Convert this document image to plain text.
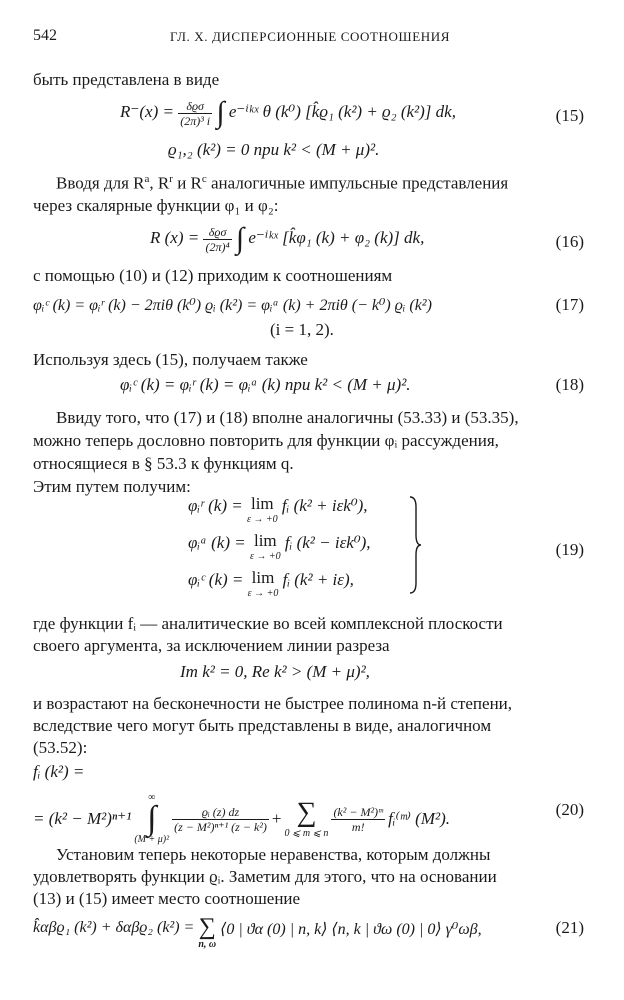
542	ГЛ. X. ДИСПЕРСИОННЫЕ СООТНОШЕНИЯ
быть представлена в виде
$R^-(x) = \frac{\text{δϱσ}}{\text{(2π)³ i}}$ ∫ e⁻ⁱᵏˣ θ (k⁰) [k̂ϱ₁ (k²) + ϱ₂ (k²)] dk,	(15)
ϱ₁,₂ (k²) = 0 при k² < (M + μ)².
Вводя для $R^a$, $R^r$ и $R^c$ аналогичные импульсные представления
через скалярные функции φ₁ и φ₂:
R $(x) = \frac{\text{δϱσ}}{\text{(2π)⁴}}$ ∫ e⁻ⁱᵏˣ [k̂φ₁ (k) + φ₂ (k)] dk,	(16)
с помощью (10) и (12) приходим к соотношениям
φᵢᶜ (k) = φᵢʳ (k) − 2πiθ (k⁰) ϱᵢ (k²) = φᵢᵃ (k) + 2πiθ (− k⁰) ϱᵢ (k²)	(17)
(i = 1, 2).
Используя здесь (15), получаем также
φᵢᶜ (k) = φᵢʳ (k) = φᵢᵃ (k) при k² < (M + μ)².	(18)
Ввиду того, что (17) и (18) вполне аналогичны (53.33) и (53.35),
можно теперь дословно повторить для функции φᵢ рассуждения,
относящиеся в § 53.3 к функциям q.
Этим путем получим:
φᵢʳ (k) = lim
ε → +0
fᵢ (k² + iεk⁰),
φᵢᵃ (k) = lim
ε → +0
fᵢ (k² − iεk⁰),
φᵢᶜ (k) = lim
ε → +0
fᵢ (k² + iε),
(19)
где функции fᵢ — аналитические во всей комплексной плоскости
своего аргумента, за исключением линии разреза
Im k² = 0, Re k² > (M + μ)²,
и возрастают на бесконечности не быстрее полинома n-й степени,
вследствие чего могут быть представлены в виде, аналогичном
(53.52):
fᵢ (k²) =
= (k² − M²)ⁿ⁺¹
∞
∫
(M + μ)²
$\frac{\text{ϱᵢ (z) dz}}{\text{(z − M²)ⁿ⁺¹ (z − k²)}}$ + ∑
0 ⩽ m ⩽ n $\frac{\text{(k² − M²)ᵐ}}{m!}$ fᵢ⁽ᵐ⁾ (M²).	(20)
Установим теперь некоторые неравенства, которым должны
удовлетворять функции ϱᵢ. Заметим для этого, что на основании
(13) и (15) имеет место соотношение
k̂αβϱ₁ (k²) + δαβϱ₂ (k²) = ∑
n, ω
⟨0 | ϑα (0) | n, k⟩ ⟨n, k | ϑω (0) | 0⟩ γ⁰ωβ,	(21)
